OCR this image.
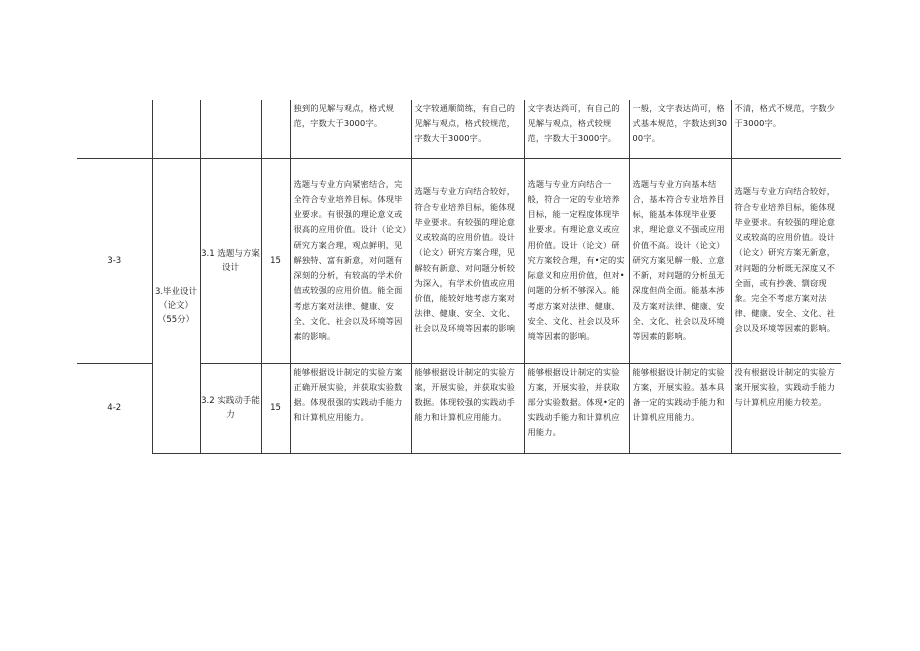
				独到的见解与观点，格式规范，字数大于3000字。	文字较通顺简练，有自己的见解与观点，格式较规范，字数大于3000字。	文字表达尚可，有自己的见解与观点，格式较规范，字数大于3000字。	一般，文字表达尚可，格式基本规范，字数达到3000字。	不清，格式不规范，字数少于3000字。
3-3	3.毕业设计（论文）（55分）	3.1 选题与方案设计	15	选题与专业方向紧密结合，完全符合专业培养目标。体现毕业要求。有很强的理论意义或很高的应用价值。设计（论文）研究方案合理，观点鲜明，见解独特、富有新意，对问题有深刻的分析，有较高的学术价值或较强的应用价值。能全面考虑方案对法律、健康、安全、文化、社会以及环境等因素的影响。	选题与专业方向结合较好，符合专业培养目标，能体现毕业要求。有较强的理论意义或较高的应用价值。设计（论文）研究方案合理，见解较有新意、对问题分析较为深入，有学术价值或应用价值，能较好地考虑方案对法律、健康、安全、文化、社会以及环境等因素的影响	选题与专业方向结合一般，符合一定的专业培养目标，能一定程度体现毕业要求。有理论意义或应用价值。设计（论文）研究方案较合理，有•定的实际意义和应用价值，但对•问题的分析不够深入。能考虑方案对法律、健康、安全、文化、社会以及环境等因素的影响。	选题与专业方向基本结合，基本符合专业培养目标，能基本体现毕业要求，理论意义不强或应用价值不高。设计（论文）研究方案见解一般、立意不新，对问题的分析虽无深度但尚全面。能基本涉及方案对法律、健康、安全、文化、社会以及环境等因素的影响。	选题与专业方向结合较好，符合专业培养目标，能体现毕业要求。有较强的理论意义或较高的应用价值。设计（论文）研究方案无新意，对问题的分析既无深度又不全面，或有抄袭、剽窃现象。完全不考虑方案对法律、健康、安全、文化、社会以及环境等因素的影响。
4-2		3.2 实践动手能力	15	能够根据设计制定的实验方案正确开展实验，并获取实验数据。体现很强的实践动手能力和计算机应用能力。	能够根据设计制定的实验方案，开展实验，并获取实验数据。体现较强的实践动手能力和计算机应用能力。	能够根据设计制定的实验方案，开展实验，并获取部分实验数据。体现•定的实践动手能力和计算机应用能力。	能够根据设计制定的实验方案，开展实验。基本具备一定的实践动手能力和计算机应用能力。	没有根据设计制定的实验方案开展实验，实践动手能力与计算机应用能力较差。
